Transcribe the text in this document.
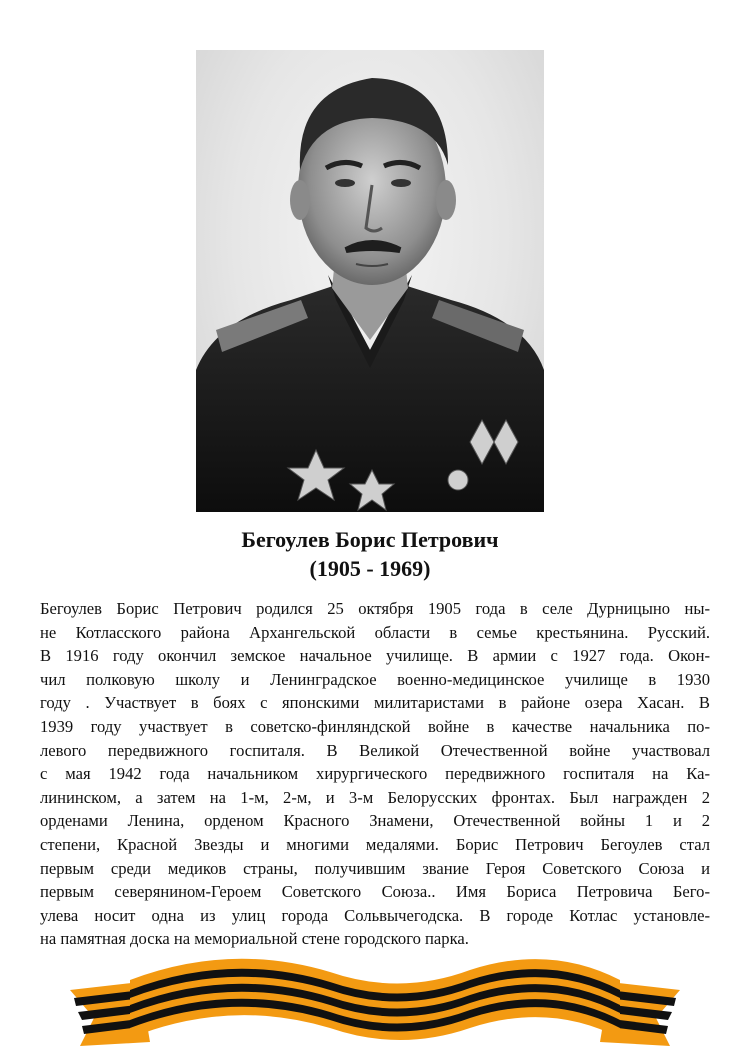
Бегоулев Борис Петрович
(1905 - 1969)
Бегоулев Борис Петрович родился 25 октября 1905 года в селе Дурницыно ны-
не Котласского района Архангельской области в семье крестьянина. Русский.
В 1916 году окончил земское начальное училище. В армии с 1927 года. Окон-
чил полковую школу и Ленинградское военно-медицинское училище в 1930
году . Участвует в боях с японскими милитаристами в районе озера Хасан. В
1939 году участвует в советско-финляндской войне в качестве начальника по-
левого передвижного госпиталя. В Великой Отечественной войне участвовал
с мая 1942 года начальником хирургического передвижного госпиталя на Ка-
лининском, а затем на 1-м, 2-м, и 3-м Белорусских фронтах. Был награжден 2
орденами Ленина, орденом Красного Знамени, Отечественной войны 1 и 2
степени, Красной Звезды и многими медалями. Борис Петрович Бегоулев стал
первым среди медиков страны, получившим звание Героя Советского Союза и
первым северянином-Героем Советского Союза.. Имя Бориса Петровича Бего-
улева носит одна из улиц города Сольвычегодска. В городе Котлас установле-
на памятная доска на мемориальной стене городского парка.
